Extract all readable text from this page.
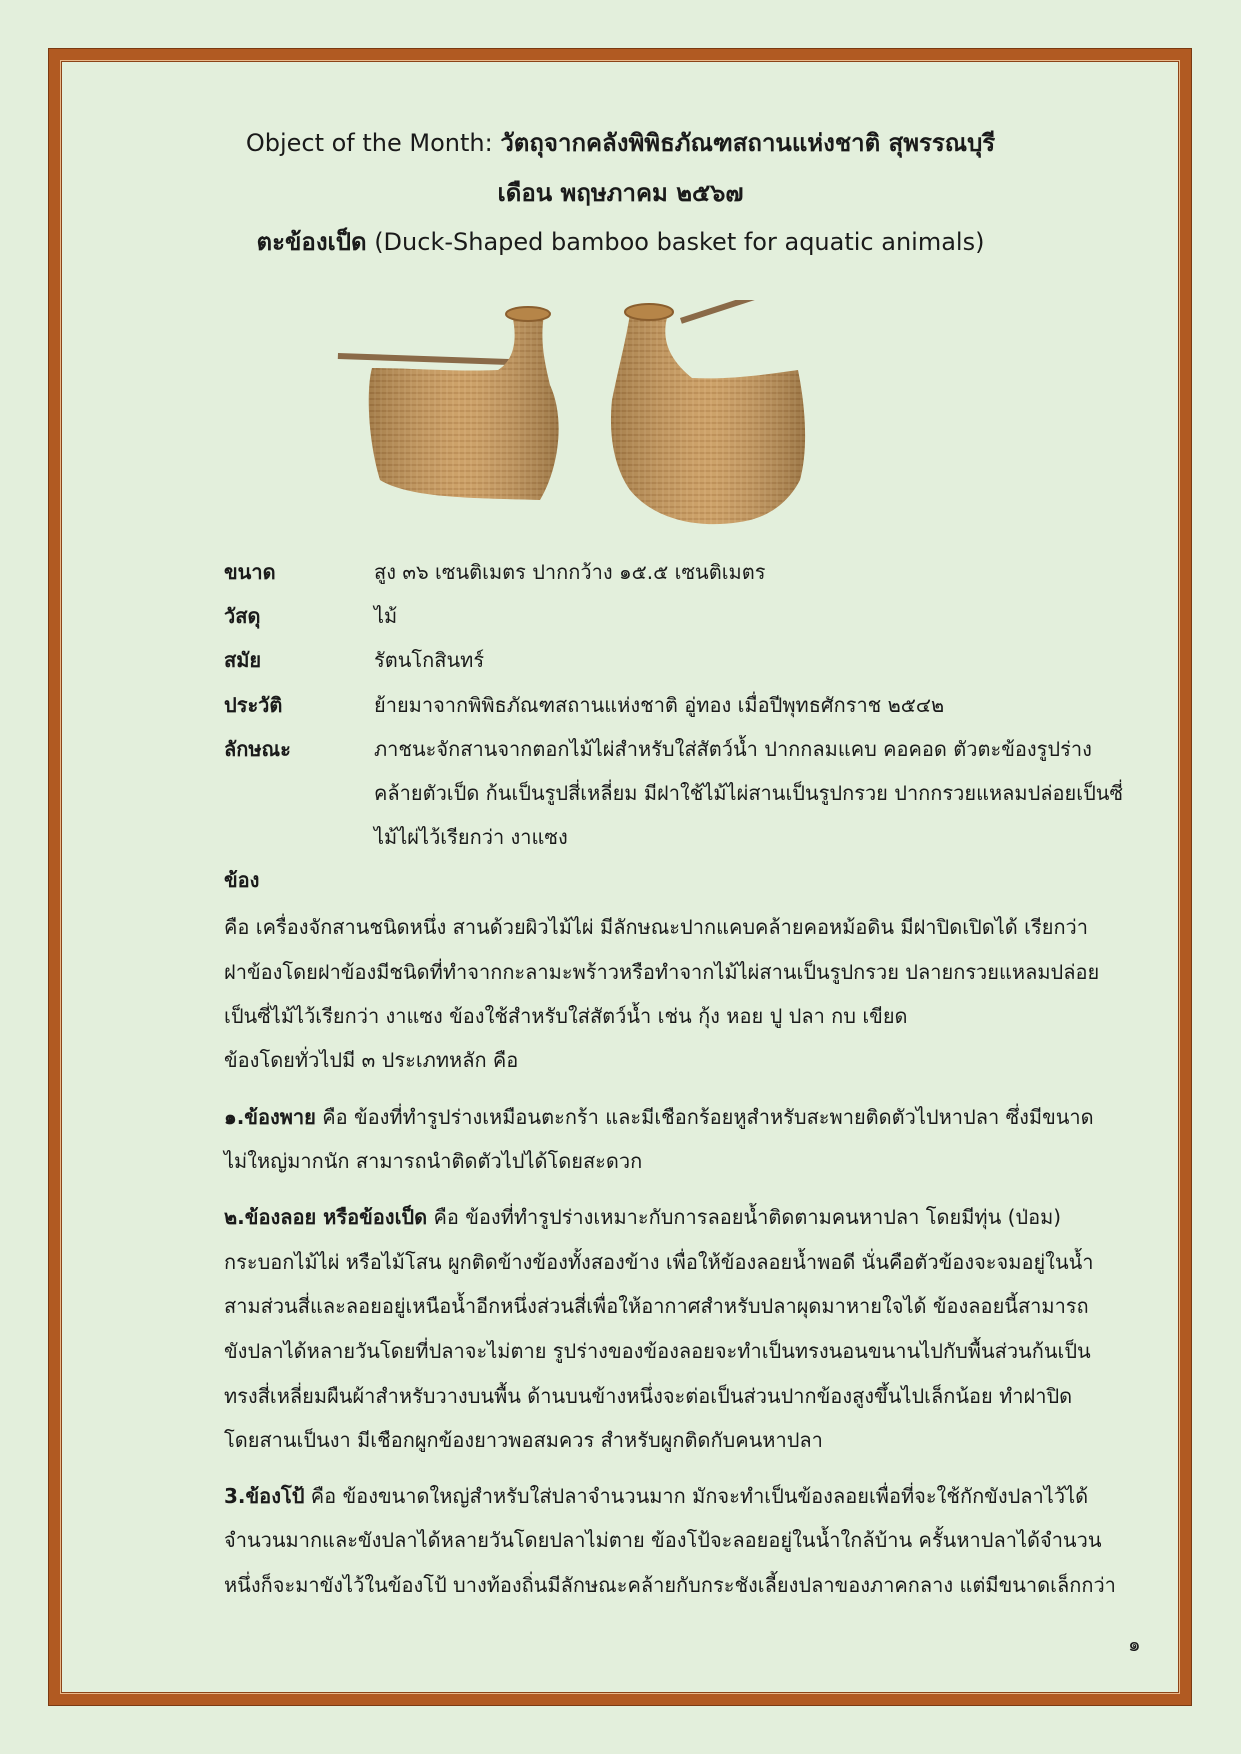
Object of the Month: วัตถุจากคลังพิพิธภัณฑสถานแห่งชาติ สุพรรณบุรี
เดือน พฤษภาคม ๒๕๖๗
ตะข้องเป็ด (Duck-Shaped bamboo basket for aquatic animals)
ขนาด	สูง ๓๖ เซนติเมตร ปากกว้าง ๑๕.๕ เซนติเมตร
วัสดุ	ไม้
สมัย	รัตนโกสินทร์
ประวัติ	ย้ายมาจากพิพิธภัณฑสถานแห่งชาติ อู่ทอง เมื่อปีพุทธศักราช ๒๕๔๒
ลักษณะ	ภาชนะจักสานจากตอกไม้ไผ่สำหรับใส่สัตว์น้ำ ปากกลมแคบ คอคอด ตัวตะข้องรูปร่าง
คล้ายตัวเป็ด ก้นเป็นรูปสี่เหลี่ยม มีฝาใช้ไม้ไผ่สานเป็นรูปกรวย ปากกรวยแหลมปล่อยเป็นซี่
ไม้ไผ่ไว้เรียกว่า งาแซง
ข้อง
คือ เครื่องจักสานชนิดหนึ่ง สานด้วยผิวไม้ไผ่ มีลักษณะปากแคบคล้ายคอหม้อดิน มีฝาปิดเปิดได้ เรียกว่า
ฝาข้องโดยฝาข้องมีชนิดที่ทำจากกะลามะพร้าวหรือทำจากไม้ไผ่สานเป็นรูปกรวย ปลายกรวยแหลมปล่อย
เป็นซี่ไม้ไว้เรียกว่า งาแซง ข้องใช้สำหรับใส่สัตว์น้ำ เช่น กุ้ง หอย ปู ปลา กบ เขียด
ข้องโดยทั่วไปมี ๓ ประเภทหลัก คือ
๑.ข้องพาย คือ ข้องที่ทำรูปร่างเหมือนตะกร้า และมีเชือกร้อยหูสำหรับสะพายติดตัวไปหาปลา ซึ่งมีขนาด
ไม่ใหญ่มากนัก สามารถนำติดตัวไปได้โดยสะดวก
๒.ข้องลอย หรือข้องเป็ด คือ ข้องที่ทำรูปร่างเหมาะกับการลอยน้ำติดตามคนหาปลา โดยมีทุ่น (ป่อม)
กระบอกไม้ไผ่ หรือไม้โสน ผูกติดข้างข้องทั้งสองข้าง เพื่อให้ข้องลอยน้ำพอดี นั่นคือตัวข้องจะจมอยู่ในน้ำ
สามส่วนสี่และลอยอยู่เหนือน้ำอีกหนึ่งส่วนสี่เพื่อให้อากาศสำหรับปลาผุดมาหายใจได้ ข้องลอยนี้สามารถ
ขังปลาได้หลายวันโดยที่ปลาจะไม่ตาย รูปร่างของข้องลอยจะทำเป็นทรงนอนขนานไปกับพื้นส่วนก้นเป็น
ทรงสี่เหลี่ยมผืนผ้าสำหรับวางบนพื้น ด้านบนข้างหนึ่งจะต่อเป็นส่วนปากข้องสูงขึ้นไปเล็กน้อย ทำฝาปิด
โดยสานเป็นงา มีเชือกผูกข้องยาวพอสมควร สำหรับผูกติดกับคนหาปลา
3.ข้องโป้ คือ ข้องขนาดใหญ่สำหรับใส่ปลาจำนวนมาก มักจะทำเป็นข้องลอยเพื่อที่จะใช้กักขังปลาไว้ได้
จำนวนมากและขังปลาได้หลายวันโดยปลาไม่ตาย ข้องโป้จะลอยอยู่ในน้ำใกล้บ้าน ครั้นหาปลาได้จำนวน
หนึ่งก็จะมาขังไว้ในข้องโป้ บางท้องถิ่นมีลักษณะคล้ายกับกระชังเลี้ยงปลาของภาคกลาง แต่มีขนาดเล็กกว่า
๑
